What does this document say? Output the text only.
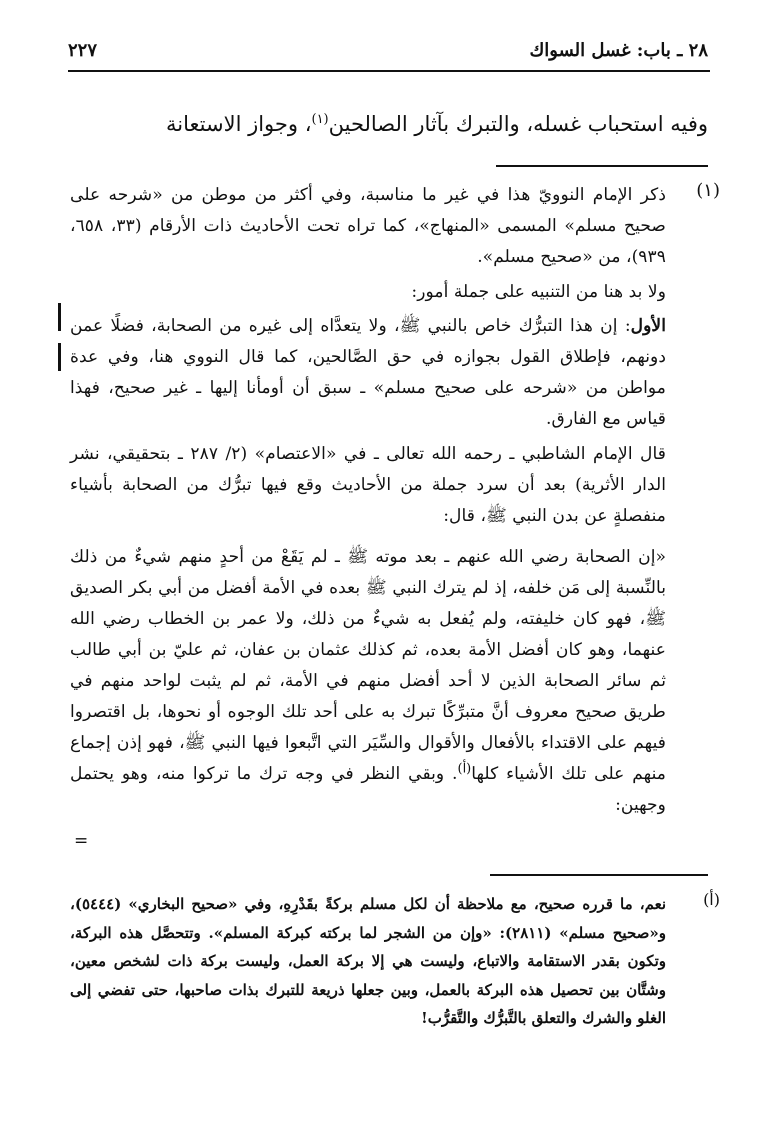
٢٨ ـ باب: غسل السواك
٢٢٧
وفيه استحباب غسله، والتبرك بآثار الصالحين$^{(١)}$، وجواز الاستعانة
(١)

ذكر الإمام النوويّ هذا في غير ما مناسبة، وفي أكثر من موطن من «شرحه على صحيح مسلم» المسمى «المنهاج»، كما تراه تحت الأحاديث ذات الأرقام (٣٣، ٦٥٨، ٩٣٩)، من «صحيح مسلم».

ولا بد هنا من التنبيه على جملة أمور:

الأول: إن هذا التبرُّك خاص بالنبي ﷺ، ولا يتعدَّاه إلى غيره من الصحابة، فضلًا عمن دونهم، فإطلاق القول بجوازه في حق الصَّالحين، كما قال النووي هنا، وفي عدة مواطن من «شرحه على صحيح مسلم» ـ سبق أن أومأنا إليها ـ غير صحيح، فهذا قياس مع الفارق.

قال الإمام الشاطبي ـ رحمه الله تعالى ـ في «الاعتصام» (٢/ ٢٨٧ ـ بتحقيقي، نشر الدار الأثرية) بعد أن سرد جملة من الأحاديث وقع فيها تبرُّك من الصحابة بأشياء منفصلةٍ عن بدن النبي ﷺ، قال:

«إن الصحابة رضي الله عنهم ـ بعد موته ﷺ ـ لم يَقَعْ من أحدٍ منهم شيءٌ من ذلك بالنِّسبة إلى مَن خلفه، إذ لم يترك النبي ﷺ بعده في الأمة أفضل من أبي بكر الصديق ﷺ، فهو كان خليفته، ولم يُفعل به شيءٌ من ذلك، ولا عمر بن الخطاب رضي الله عنهما، وهو كان أفضل الأمة بعده، ثم كذلك عثمان بن عفان، ثم عليّ بن أبي طالب ثم سائر الصحابة الذين لا أحد أفضل منهم في الأمة، ثم لم يثبت لواحد منهم في طريق صحيح معروف أنَّ متبرِّكًا تبرك به على أحد تلك الوجوه أو نحوها، بل اقتصروا فيهم على الاقتداء بالأفعال والأقوال والسِّيَر التي اتَّبعوا فيها النبي ﷺ، فهو إذن إجماع منهم على تلك الأشياء كلها$^{(أ)}$. وبقي النظر في وجه ترك ما تركوا منه، وهو يحتمل وجهين:

=
(أ)
نعم، ما قرره صحيح، مع ملاحظة أن لكل مسلم بركةً بقَدْرِهِ، وفي «صحيح البخاري» (٥٤٤٤)، و«صحيح مسلم» (٢٨١١): «وإن من الشجر لما بركته كبركة المسلم». وتتحصَّل هذه البركة، وتكون بقدر الاستقامة والاتباع، وليست هي إلا بركة العمل، وليست بركة ذات لشخص معين، وشتَّان بين تحصيل هذه البركة بالعمل، وبين جعلها ذريعة للتبرك بذات صاحبها، حتى تفضي إلى الغلو والشرك والتعلق بالتَّبرُّك والتَّقرُّب!
